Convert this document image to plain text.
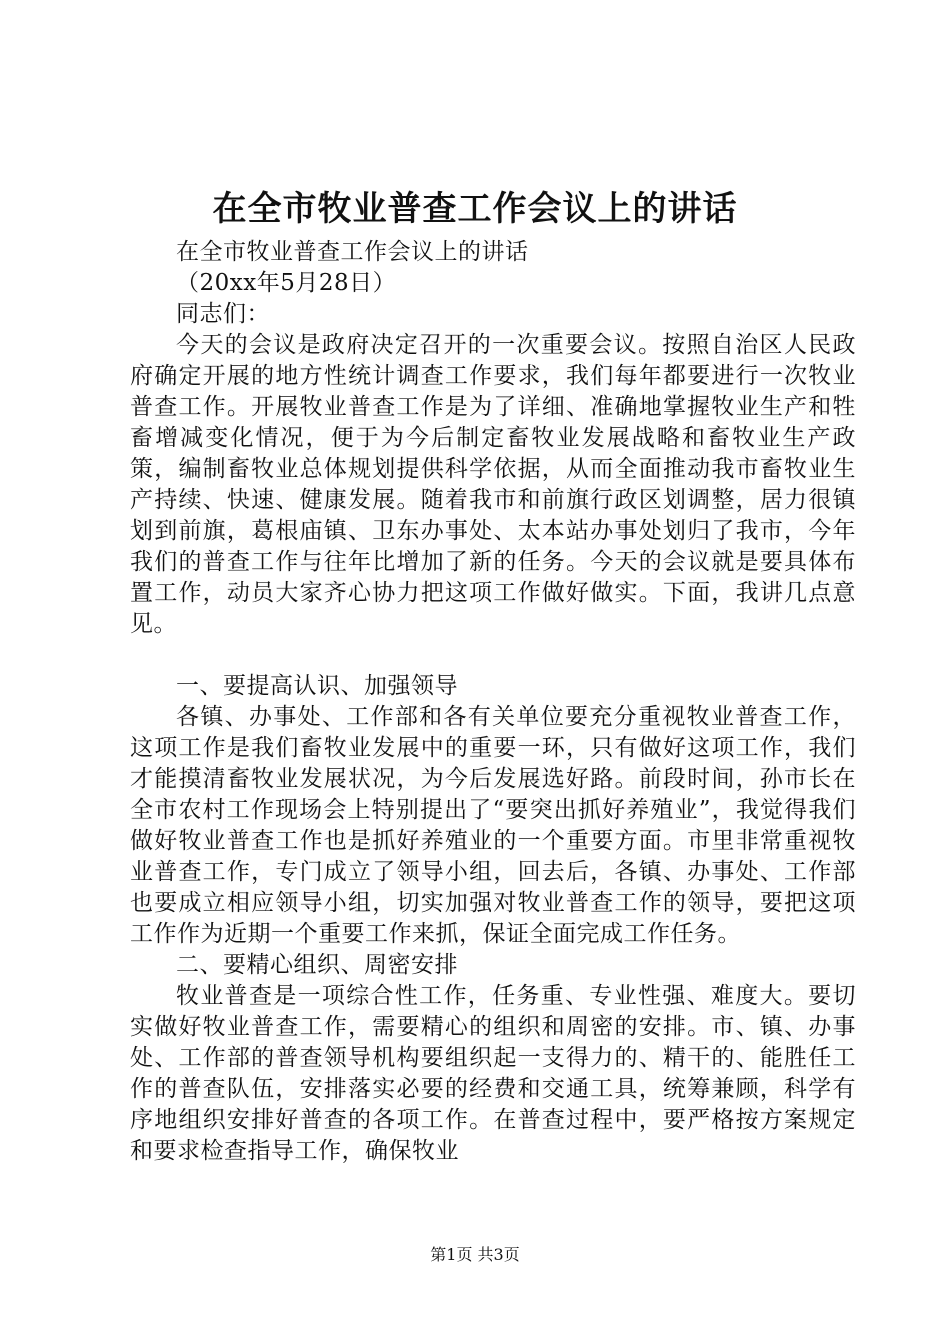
在全市牧业普查工作会议上的讲话

在全市牧业普查工作会议上的讲话

（20xx年5月28日）

同志们：

今天的会议是政府决定召开的一次重要会议。按照自治区人民政府确定开展的地方性统计调查工作要求，我们每年都要进行一次牧业普查工作。开展牧业普查工作是为了详细、准确地掌握牧业生产和牲畜增减变化情况，便于为今后制定畜牧业发展战略和畜牧业生产政策，编制畜牧业总体规划提供科学依据，从而全面推动我市畜牧业生产持续、快速、健康发展。随着我市和前旗行政区划调整，居力很镇划到前旗，葛根庙镇、卫东办事处、太本站办事处划归了我市，今年我们的普查工作与往年比增加了新的任务。今天的会议就是要具体布置工作，动员大家齐心协力把这项工作做好做实。下面，我讲几点意见。

一、要提高认识、加强领导

各镇、办事处、工作部和各有关单位要充分重视牧业普查工作，这项工作是我们畜牧业发展中的重要一环，只有做好这项工作，我们才能摸清畜牧业发展状况，为今后发展选好路。前段时间，孙市长在全市农村工作现场会上特别提出了“要突出抓好养殖业”，我觉得我们做好牧业普查工作也是抓好养殖业的一个重要方面。市里非常重视牧业普查工作，专门成立了领导小组，回去后，各镇、办事处、工作部也要成立相应领导小组，切实加强对牧业普查工作的领导，要把这项工作作为近期一个重要工作来抓，保证全面完成工作任务。

二、要精心组织、周密安排

牧业普查是一项综合性工作，任务重、专业性强、难度大。要切实做好牧业普查工作，需要精心的组织和周密的安排。市、镇、办事处、工作部的普查领导机构要组织起一支得力的、精干的、能胜任工作的普查队伍，安排落实必要的经费和交通工具，统筹兼顾，科学有序地组织安排好普查的各项工作。在普查过程中，要严格按方案规定和要求检查指导工作，确保牧业

第1页 共3页
